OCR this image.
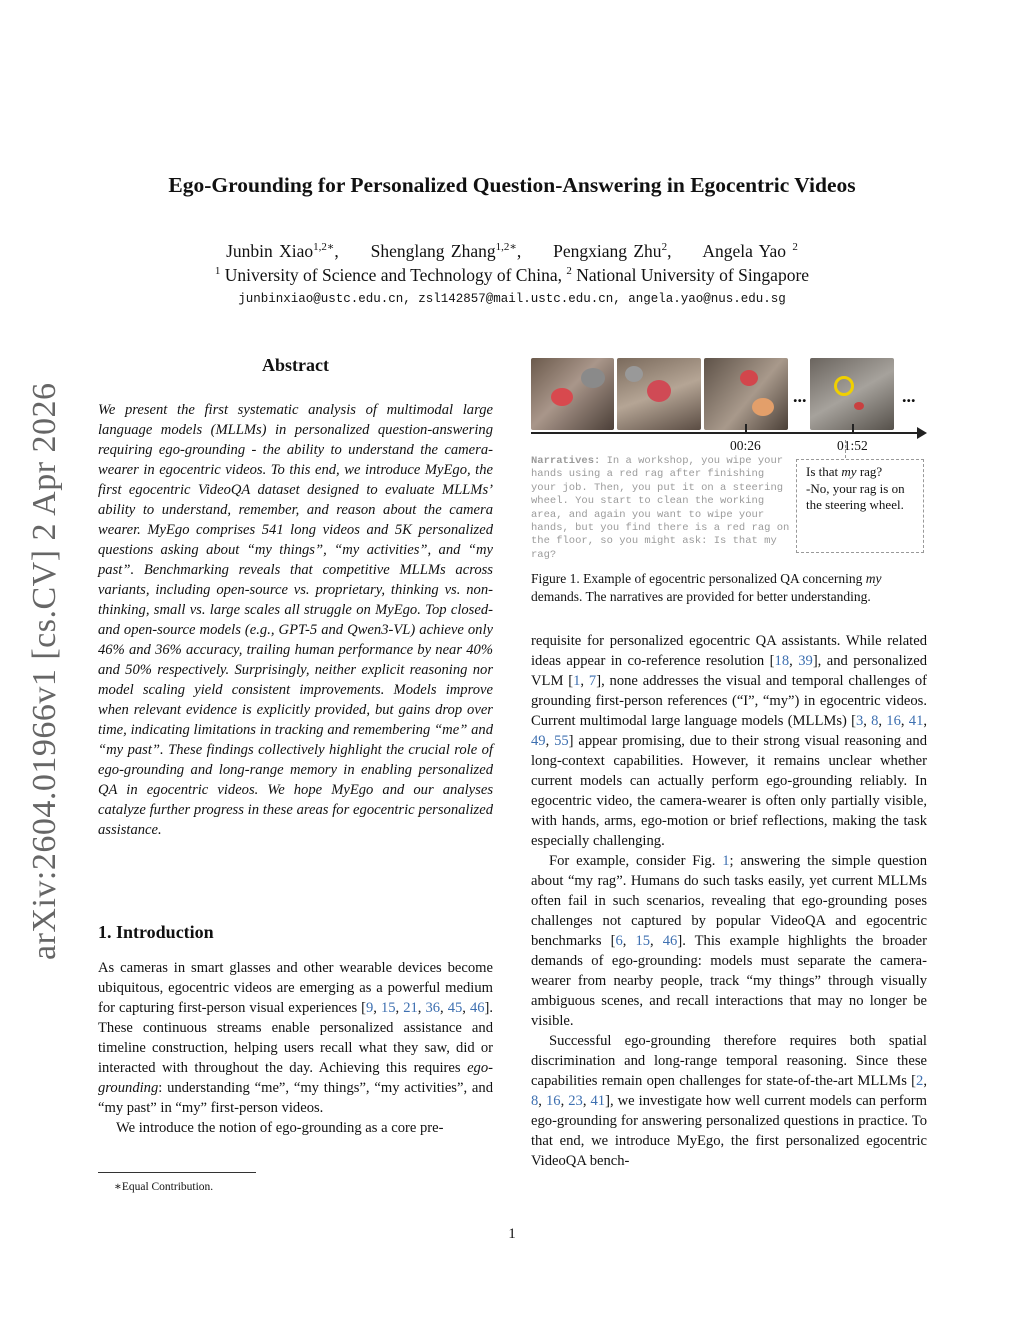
Ego-Grounding for Personalized Question-Answering in Egocentric Videos
Junbin Xiao$^{1,2∗}$, Shenglang Zhang$^{1,2∗}$, Pengxiang Zhu$^2$, Angela Yao $^2$
$^1$ University of Science and Technology of China, $^2$ National University of Singapore
junbinxiao@ustc.edu.cn, zsl142857@mail.ustc.edu.cn, angela.yao@nus.edu.sg
arXiv:2604.01966v1 [cs.CV] 2 Apr 2026
Abstract
We present the first systematic analysis of multimodal large language models (MLLMs) in personalized question-answering requiring ego-grounding - the ability to understand the camera-wearer in egocentric videos. To this end, we introduce MyEgo, the first egocentric VideoQA dataset designed to evaluate MLLMs’ ability to understand, remember, and reason about the camera wearer. MyEgo comprises 541 long videos and 5K personalized questions asking about “my things”, “my activities”, and “my past”. Benchmarking reveals that competitive MLLMs across variants, including open-source vs. proprietary, thinking vs. non-thinking, small vs. large scales all struggle on MyEgo. Top closed- and open-source models (e.g., GPT-5 and Qwen3-VL) achieve only 46% and 36% accuracy, trailing human performance by near 40% and 50% respectively. Surprisingly, neither explicit reasoning nor model scaling yield consistent improvements. Models improve when relevant evidence is explicitly provided, but gains drop over time, indicating limitations in tracking and remembering “me” and “my past”. These findings collectively highlight the crucial role of ego-grounding and long-range memory in enabling personalized QA in egocentric videos. We hope MyEgo and our analyses catalyze further progress in these areas for egocentric personalized assistance.
1. Introduction

As cameras in smart glasses and other wearable devices become ubiquitous, egocentric videos are emerging as a powerful medium for capturing first-person visual experiences [9, 15, 21, 36, 45, 46]. These continuous streams enable personalized assistance and timeline construction, helping users recall what they saw, did or interacted with throughout the day. Achieving this requires ego-grounding: understanding “me”, “my things”, “my activities”, and “my past” in “my” first-person videos.

We introduce the notion of ego-grounding as a core pre-

∗Equal Contribution.
...	...
00:26	01:52
Narratives: In a workshop, you wipe your hands using a red rag after finishing your job. Then, you put it on a steering wheel. You start to clean the working area, and again you want to wipe your hands, but you find there is a red rag on the floor, so you might ask: Is that my rag?
Is that my rag?
-No, your rag is on the steering wheel.
Figure 1. Example of egocentric personalized QA concerning my demands. The narratives are provided for better understanding.

requisite for personalized egocentric QA assistants. While related ideas appear in co-reference resolution [18, 39], and personalized VLM [1, 7], none addresses the visual and temporal challenges of grounding first-person references (“I”, “my”) in egocentric videos. Current multimodal large language models (MLLMs) [3, 8, 16, 41, 49, 55] appear promising, due to their strong visual reasoning and long-context capabilities. However, it remains unclear whether current models can actually perform ego-grounding reliably. In egocentric video, the camera-wearer is often only partially visible, with hands, arms, ego-motion or brief reflections, making the task especially challenging.

For example, consider Fig. 1; answering the simple question about “my rag”. Humans do such tasks easily, yet current MLLMs often fail in such scenarios, revealing that ego-grounding poses challenges not captured by popular VideoQA and egocentric benchmarks [6, 15, 46]. This example highlights the broader demands of ego-grounding: models must separate the camera-wearer from nearby people, track “my things” through visually ambiguous scenes, and recall interactions that may no longer be visible.

Successful ego-grounding therefore requires both spatial discrimination and long-range temporal reasoning. Since these capabilities remain open challenges for state-of-the-art MLLMs [2, 8, 16, 23, 41], we investigate how well current models can perform ego-grounding for answering personalized questions in practice. To that end, we introduce MyEgo, the first personalized egocentric VideoQA bench-

1
